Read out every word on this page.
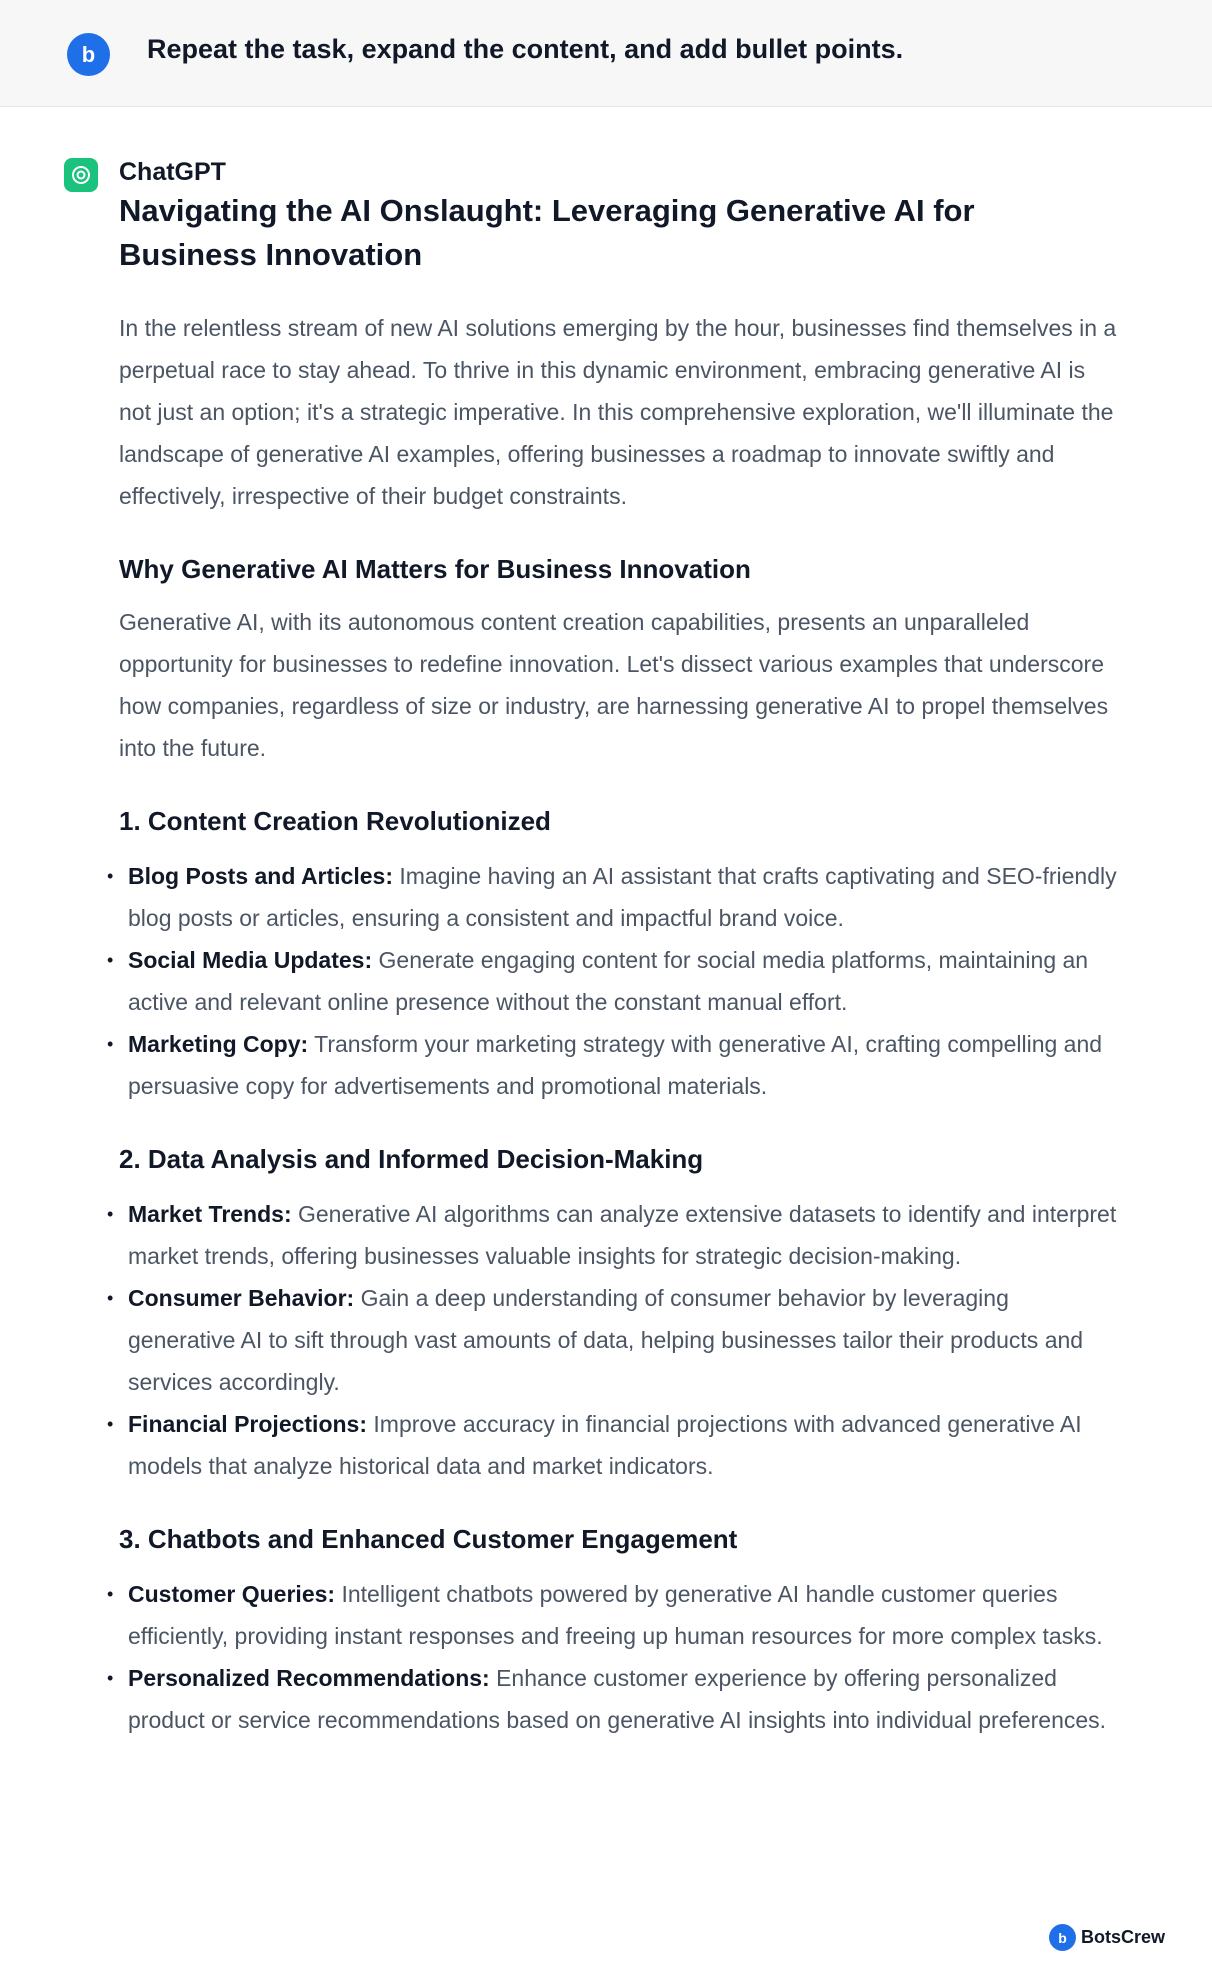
b	Repeat the task, expand the content, and add bullet points.
ChatGPT
Navigating the AI Onslaught: Leveraging Generative AI for Business Innovation

In the relentless stream of new AI solutions emerging by the hour, businesses find themselves in a perpetual race to stay ahead. To thrive in this dynamic environment, embracing generative AI is not just an option; it's a strategic imperative. In this comprehensive exploration, we'll illuminate the landscape of generative AI examples, offering businesses a roadmap to innovate swiftly and effectively, irrespective of their budget constraints.

Why Generative AI Matters for Business Innovation

Generative AI, with its autonomous content creation capabilities, presents an unparalleled opportunity for businesses to redefine innovation. Let's dissect various examples that underscore how companies, regardless of size or industry, are harnessing generative AI to propel themselves into the future.

1. Content Creation Revolutionized
• Blog Posts and Articles: Imagine having an AI assistant that crafts captivating and SEO-friendly blog posts or articles, ensuring a consistent and impactful brand voice.
• Social Media Updates: Generate engaging content for social media platforms, maintaining an active and relevant online presence without the constant manual effort.
• Marketing Copy: Transform your marketing strategy with generative AI, crafting compelling and persuasive copy for advertisements and promotional materials.
2. Data Analysis and Informed Decision-Making
• Market Trends: Generative AI algorithms can analyze extensive datasets to identify and interpret market trends, offering businesses valuable insights for strategic decision-making.
• Consumer Behavior: Gain a deep understanding of consumer behavior by leveraging generative AI to sift through vast amounts of data, helping businesses tailor their products and services accordingly.
• Financial Projections: Improve accuracy in financial projections with advanced generative AI models that analyze historical data and market indicators.
3. Chatbots and Enhanced Customer Engagement
• Customer Queries: Intelligent chatbots powered by generative AI handle customer queries efficiently, providing instant responses and freeing up human resources for more complex tasks.
• Personalized Recommendations: Enhance customer experience by offering personalized product or service recommendations based on generative AI insights into individual preferences.
b BotsCrew
